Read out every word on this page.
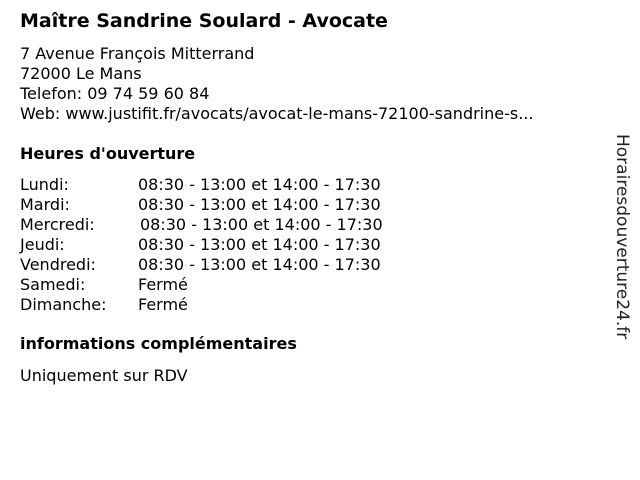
Maître Sandrine Soulard - Avocate
7 Avenue François Mitterrand
72000 Le Mans
Telefon: 09 74 59 60 84
Web: www.justifit.fr/avocats/avocat-le-mans-72100-sandrine-s...
Heures d'ouverture
Lundi:	08:30 - 13:00 et 14:00 - 17:30
Mardi:	08:30 - 13:00 et 14:00 - 17:30
Mercredi:	08:30 - 13:00 et 14:00 - 17:30
Jeudi:	08:30 - 13:00 et 14:00 - 17:30
Vendredi:	08:30 - 13:00 et 14:00 - 17:30
Samedi:	Fermé
Dimanche: Fermé
informations complémentaires
Uniquement sur RDV
Horairesdouverture24.fr
